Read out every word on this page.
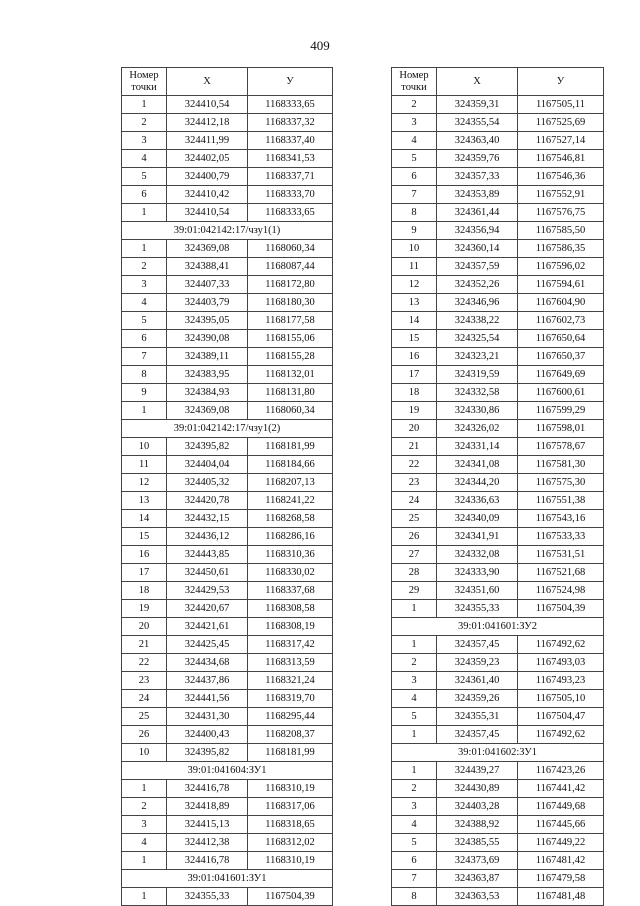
409
Номер
точки	Х	У
1	324410,54	1168333,65
2	324412,18	1168337,32
3	324411,99	1168337,40
4	324402,05	1168341,53
5	324400,79	1168337,71
6	324410,42	1168333,70
1	324410,54	1168333,65
39:01:042142:17/чзу1(1)		
1	324369,08	1168060,34
2	324388,41	1168087,44
3	324407,33	1168172,80
4	324403,79	1168180,30
5	324395,05	1168177,58
6	324390,08	1168155,06
7	324389,11	1168155,28
8	324383,95	1168132,01
9	324384,93	1168131,80
1	324369,08	1168060,34
39:01:042142:17/чзу1(2)		
10	324395,82	1168181,99
11	324404,04	1168184,66
12	324405,32	1168207,13
13	324420,78	1168241,22
14	324432,15	1168268,58
15	324436,12	1168286,16
16	324443,85	1168310,36
17	324450,61	1168330,02
18	324429,53	1168337,68
19	324420,67	1168308,58
20	324421,61	1168308,19
21	324425,45	1168317,42
22	324434,68	1168313,59
23	324437,86	1168321,24
24	324441,56	1168319,70
25	324431,30	1168295,44
26	324400,43	1168208,37
10	324395,82	1168181,99
39:01:041604:ЗУ1		
1	324416,78	1168310,19
2	324418,89	1168317,06
3	324415,13	1168318,65
4	324412,38	1168312,02
1	324416,78	1168310,19
39:01:041601:ЗУ1		
1	324355,33	1167504,39
Номер
точки	Х	У
2	324359,31	1167505,11
3	324355,54	1167525,69
4	324363,40	1167527,14
5	324359,76	1167546,81
6	324357,33	1167546,36
7	324353,89	1167552,91
8	324361,44	1167576,75
9	324356,94	1167585,50
10	324360,14	1167586,35
11	324357,59	1167596,02
12	324352,26	1167594,61
13	324346,96	1167604,90
14	324338,22	1167602,73
15	324325,54	1167650,64
16	324323,21	1167650,37
17	324319,59	1167649,69
18	324332,58	1167600,61
19	324330,86	1167599,29
20	324326,02	1167598,01
21	324331,14	1167578,67
22	324341,08	1167581,30
23	324344,20	1167575,30
24	324336,63	1167551,38
25	324340,09	1167543,16
26	324341,91	1167533,33
27	324332,08	1167531,51
28	324333,90	1167521,68
29	324351,60	1167524,98
1	324355,33	1167504,39
39:01:041601:ЗУ2		
1	324357,45	1167492,62
2	324359,23	1167493,03
3	324361,40	1167493,23
4	324359,26	1167505,10
5	324355,31	1167504,47
1	324357,45	1167492,62
39:01:041602:ЗУ1		
1	324439,27	1167423,26
2	324430,89	1167441,42
3	324403,28	1167449,68
4	324388,92	1167445,66
5	324385,55	1167449,22
6	324373,69	1167481,42
7	324363,87	1167479,58
8	324363,53	1167481,48
